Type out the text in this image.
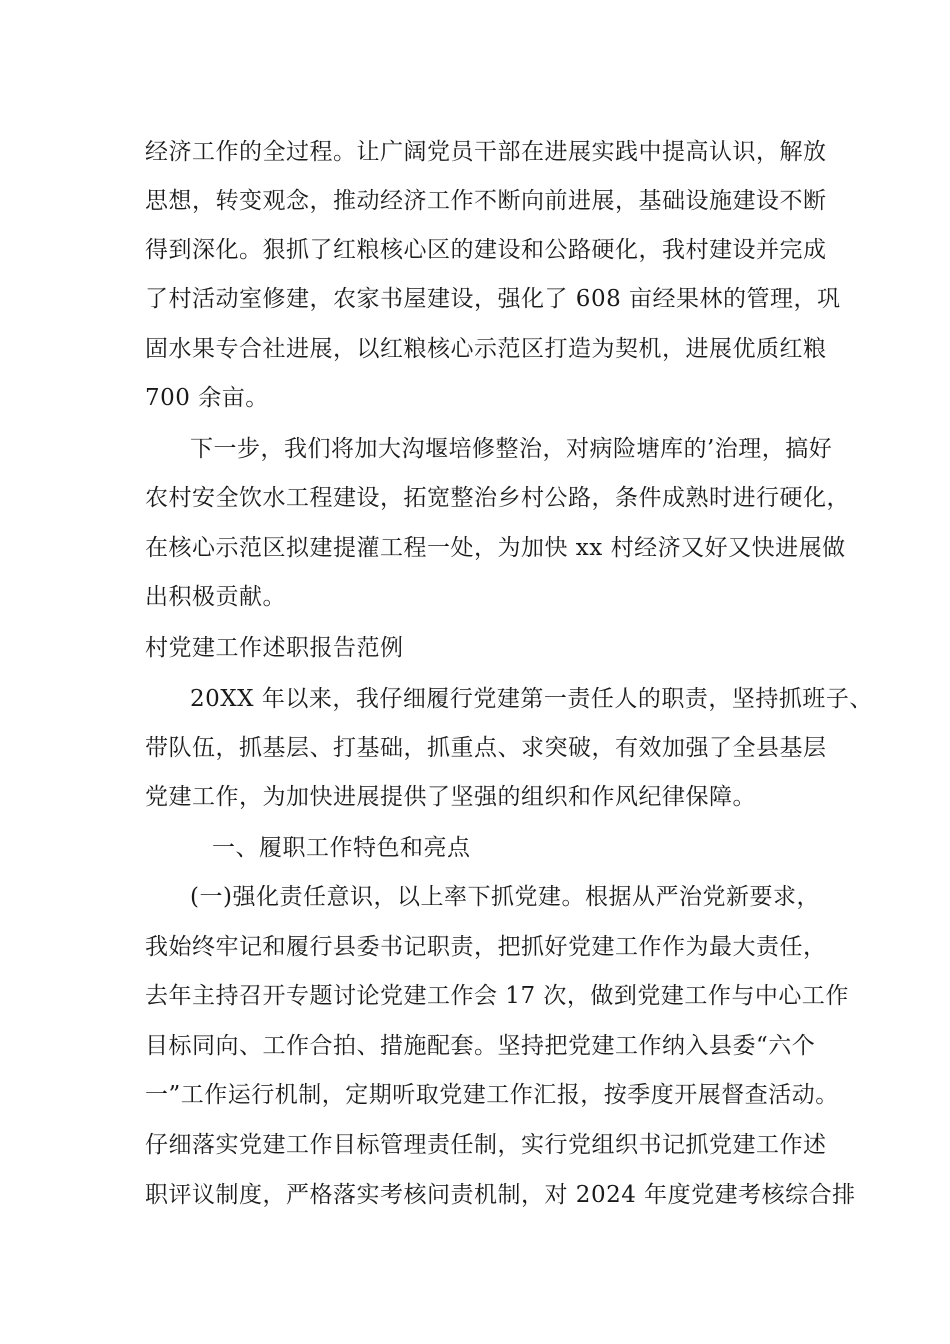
经济工作的全过程。让广阔党员干部在进展实践中提高认识，解放
思想，转变观念，推动经济工作不断向前进展，基础设施建设不断
得到深化。狠抓了红粮核心区的建设和公路硬化，我村建设并完成
了村活动室修建，农家书屋建设，强化了 608 亩经果林的管理，巩
固水果专合社进展，以红粮核心示范区打造为契机，进展优质红粮
700 余亩。
下一步，我们将加大沟堰培修整治，对病险塘库的’治理，搞好
农村安全饮水工程建设，拓宽整治乡村公路，条件成熟时进行硬化，
在核心示范区拟建提灌工程一处，为加快 xx 村经济又好又快进展做
出积极贡献。
村党建工作述职报告范例
20XX 年以来，我仔细履行党建第一责任人的职责，坚持抓班子、
带队伍，抓基层、打基础，抓重点、求突破，有效加强了全县基层
党建工作，为加快进展提供了坚强的组织和作风纪律保障。
一、履职工作特色和亮点
(一)强化责任意识，以上率下抓党建。根据从严治党新要求，
我始终牢记和履行县委书记职责，把抓好党建工作作为最大责任，
去年主持召开专题讨论党建工作会 17 次，做到党建工作与中心工作
目标同向、工作合拍、措施配套。坚持把党建工作纳入县委“六个
一”工作运行机制，定期听取党建工作汇报，按季度开展督查活动。
仔细落实党建工作目标管理责任制，实行党组织书记抓党建工作述
职评议制度，严格落实考核问责机制，对 2024 年度党建考核综合排
